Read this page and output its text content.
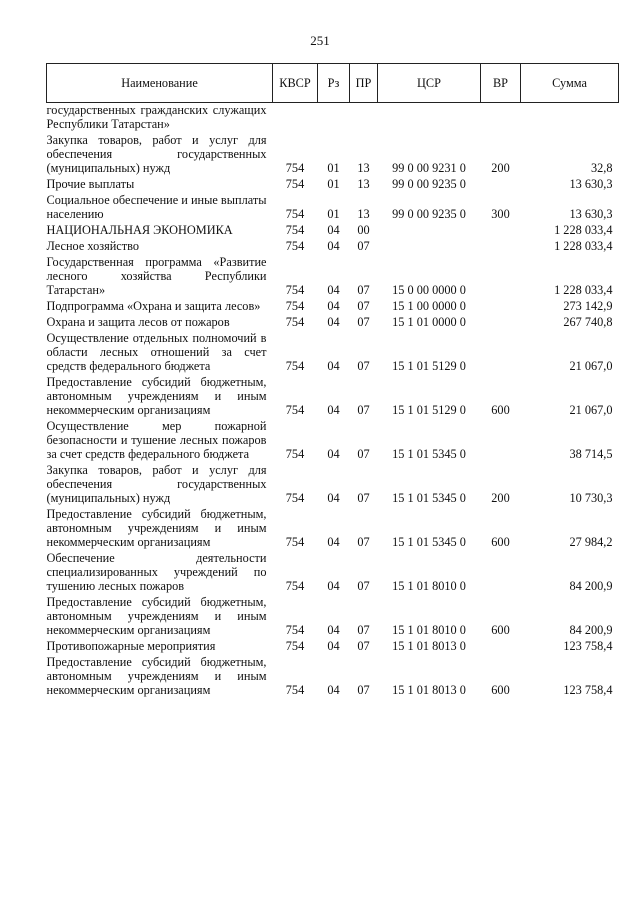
251
Наименование	КВСР	Рз	ПР	ЦСР	ВР	Сумма
государственных гражданских служащих Республики Татарстан»						
Закупка товаров, работ и услуг для обеспечения государственных (муниципальных) нужд	754	01	13	99 0 00 9231 0	200	32,8
Прочие выплаты	754	01	13	99 0 00 9235 0		13 630,3
Социальное обеспечение и иные выплаты населению	754	01	13	99 0 00 9235 0	300	13 630,3
НАЦИОНАЛЬНАЯ ЭКОНОМИКА	754	04	00			1 228 033,4
Лесное хозяйство	754	04	07			1 228 033,4
Государственная программа «Развитие лесного хозяйства Республики Татарстан»	754	04	07	15 0 00 0000 0		1 228 033,4
Подпрограмма «Охрана и защита лесов»	754	04	07	15 1 00 0000 0		273 142,9
Охрана и защита лесов от пожаров	754	04	07	15 1 01 0000 0		267 740,8
Осуществление отдельных полномочий в области лесных отношений за счет средств федерального бюджета	754	04	07	15 1 01 5129 0		21 067,0
Предоставление субсидий бюджетным, автономным учреждениям и иным некоммерческим организациям	754	04	07	15 1 01 5129 0	600	21 067,0
Осуществление мер пожарной безопасности и тушение лесных пожаров за счет средств федерального бюджета	754	04	07	15 1 01 5345 0		38 714,5
Закупка товаров, работ и услуг для обеспечения государственных (муниципальных) нужд	754	04	07	15 1 01 5345 0	200	10 730,3
Предоставление субсидий бюджетным, автономным учреждениям и иным некоммерческим организациям	754	04	07	15 1 01 5345 0	600	27 984,2
Обеспечение деятельности специализированных учреждений по тушению лесных пожаров	754	04	07	15 1 01 8010 0		84 200,9
Предоставление субсидий бюджетным, автономным учреждениям и иным некоммерческим организациям	754	04	07	15 1 01 8010 0	600	84 200,9
Противопожарные мероприятия	754	04	07	15 1 01 8013 0		123 758,4
Предоставление субсидий бюджетным, автономным учреждениям и иным некоммерческим организациям	754	04	07	15 1 01 8013 0	600	123 758,4
